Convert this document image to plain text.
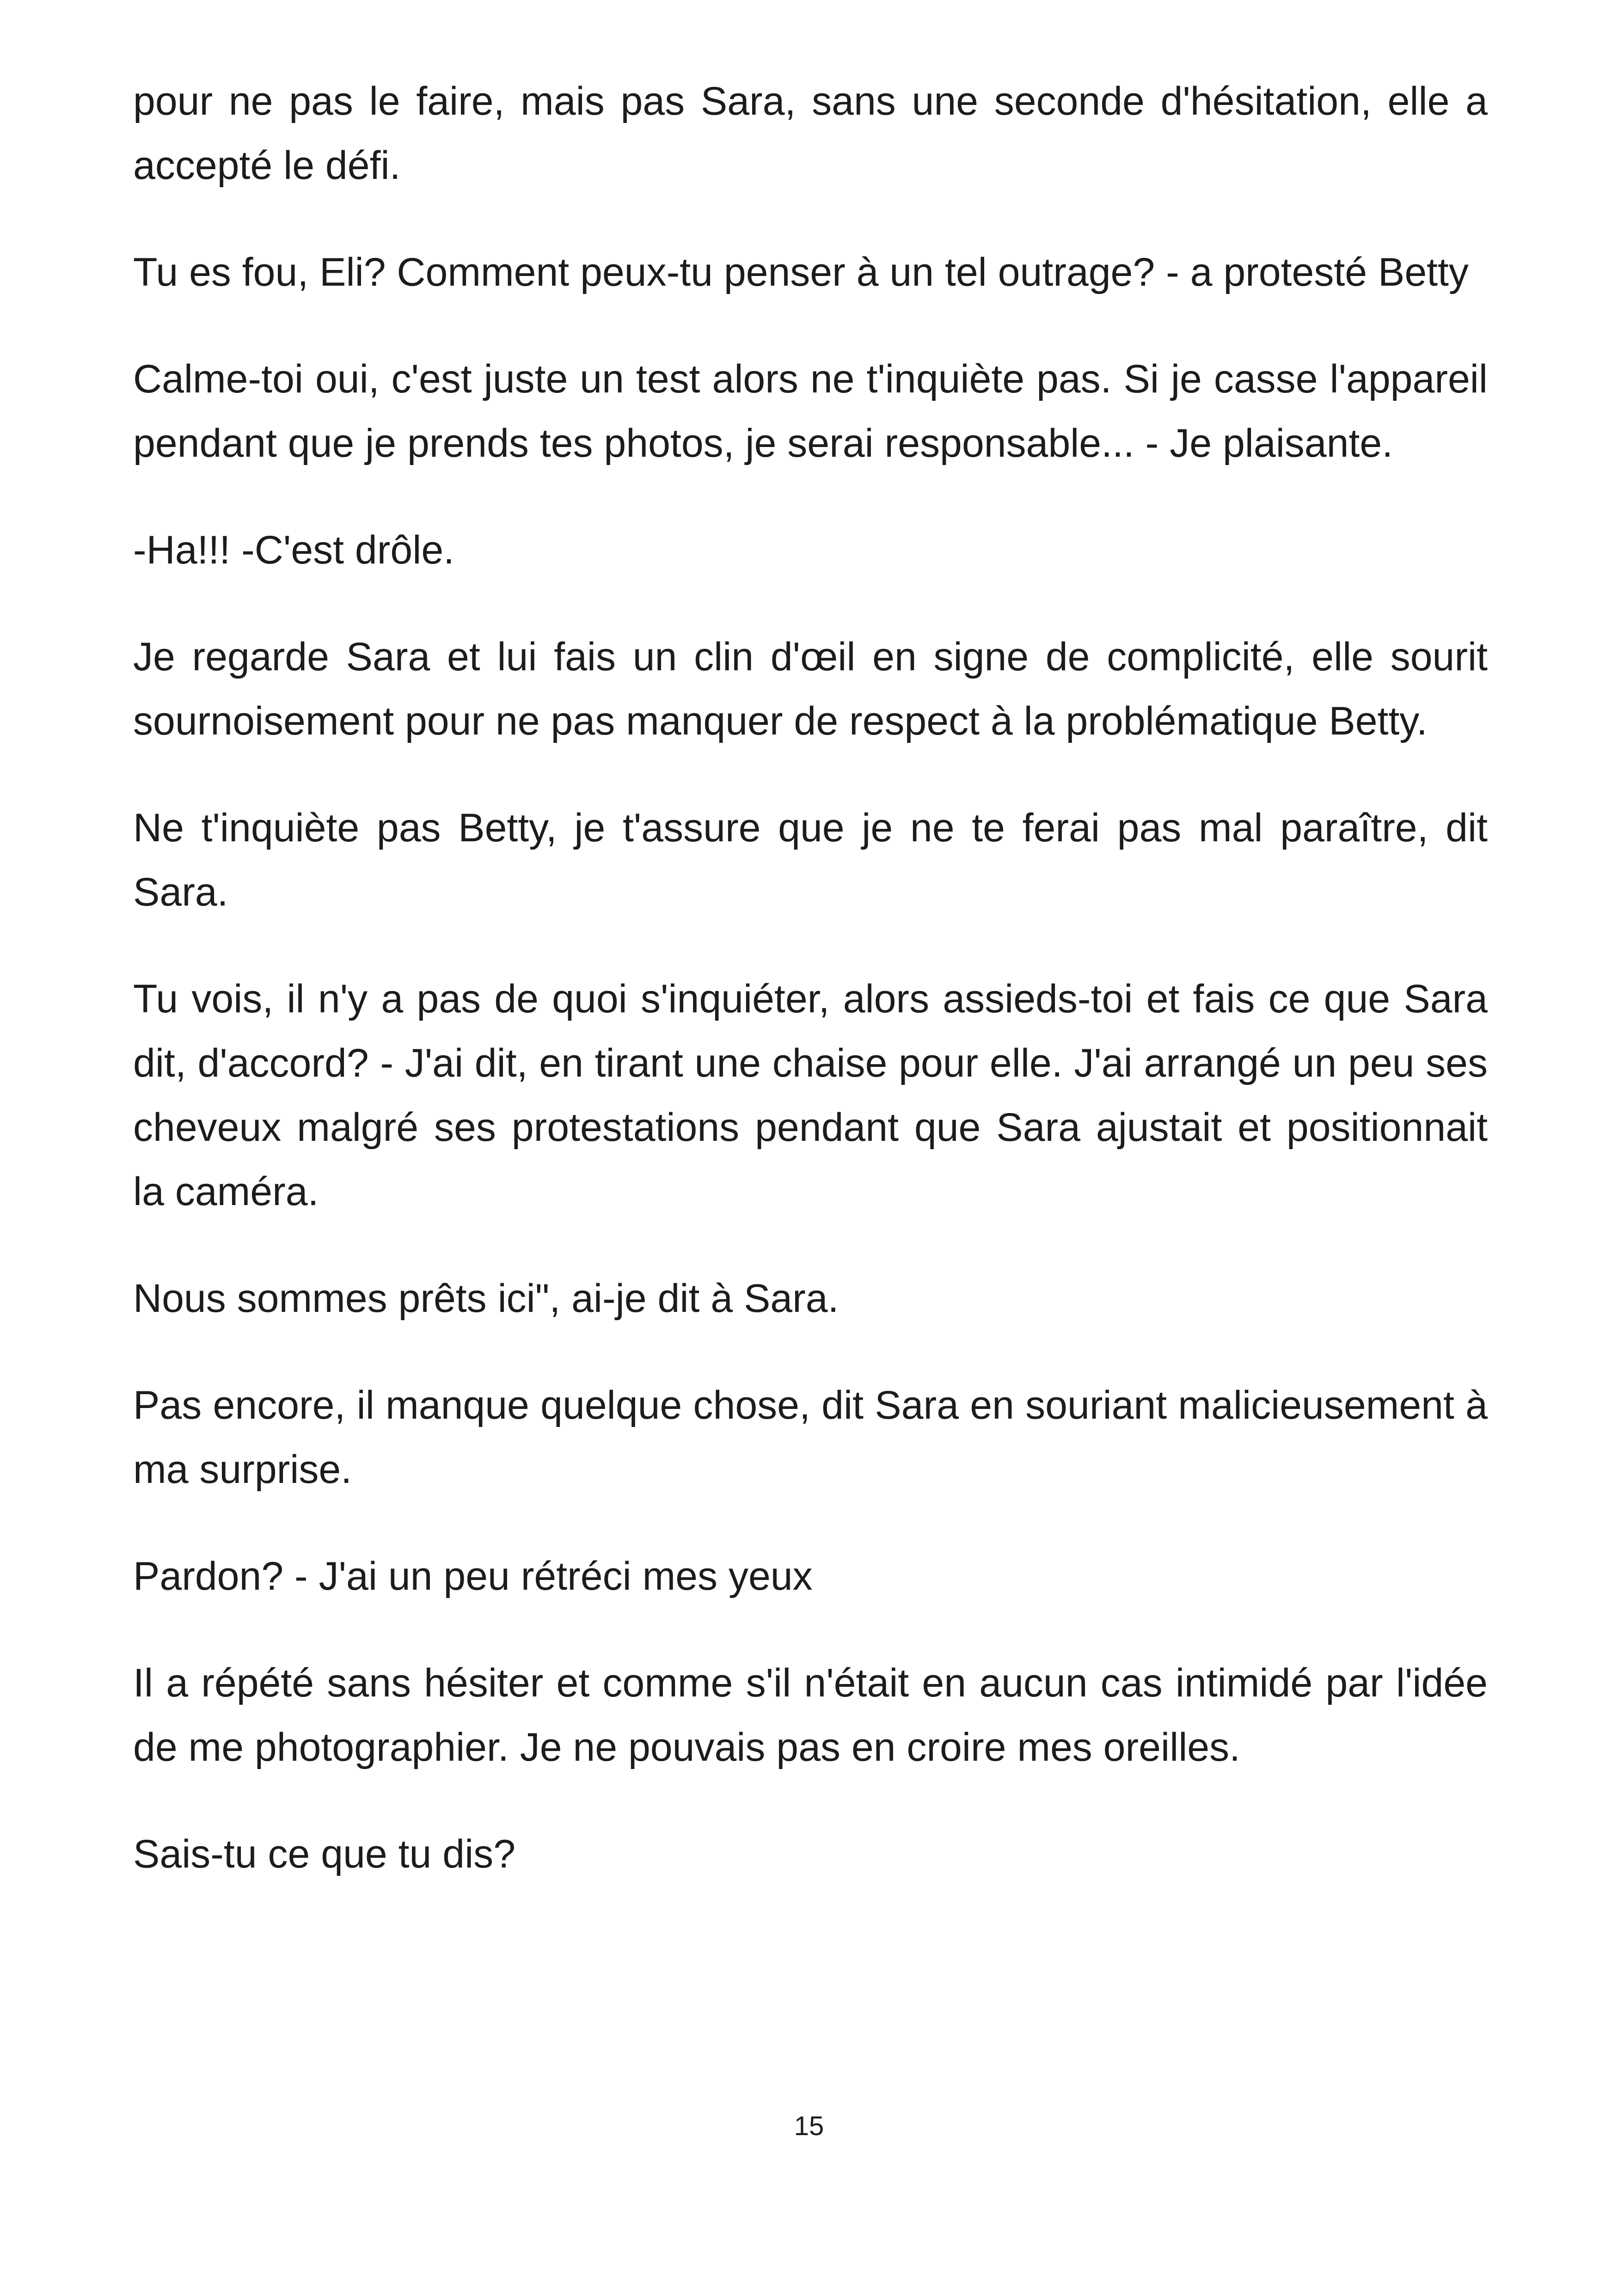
pour ne pas le faire, mais pas Sara, sans une seconde d'hésitation, elle a accepté le défi.

Tu es fou, Eli? Comment peux-tu penser à un tel outrage? - a protesté Betty

Calme-toi oui, c'est juste un test alors ne t'inquiète pas. Si je casse l'appareil pendant que je prends tes photos, je serai responsable... - Je plaisante.

-Ha!!! -C'est drôle.

Je regarde Sara et lui fais un clin d'œil en signe de complicité, elle sourit sournoisement pour ne pas manquer de respect à la problématique Betty.

Ne t'inquiète pas Betty, je t'assure que je ne te ferai pas mal paraître, dit Sara.

Tu vois, il n'y a pas de quoi s'inquiéter, alors assieds-toi et fais ce que Sara dit, d'accord? - J'ai dit, en tirant une chaise pour elle. J'ai arrangé un peu ses cheveux malgré ses protestations pendant que Sara ajustait et positionnait la caméra.

Nous sommes prêts ici", ai-je dit à Sara.

Pas encore, il manque quelque chose, dit Sara en souriant malicieusement à ma surprise.

Pardon? - J'ai un peu rétréci mes yeux

Il a répété sans hésiter et comme s'il n'était en aucun cas intimidé par l'idée de me photographier. Je ne pouvais pas en croire mes oreilles.

Sais-tu ce que tu dis?

15
